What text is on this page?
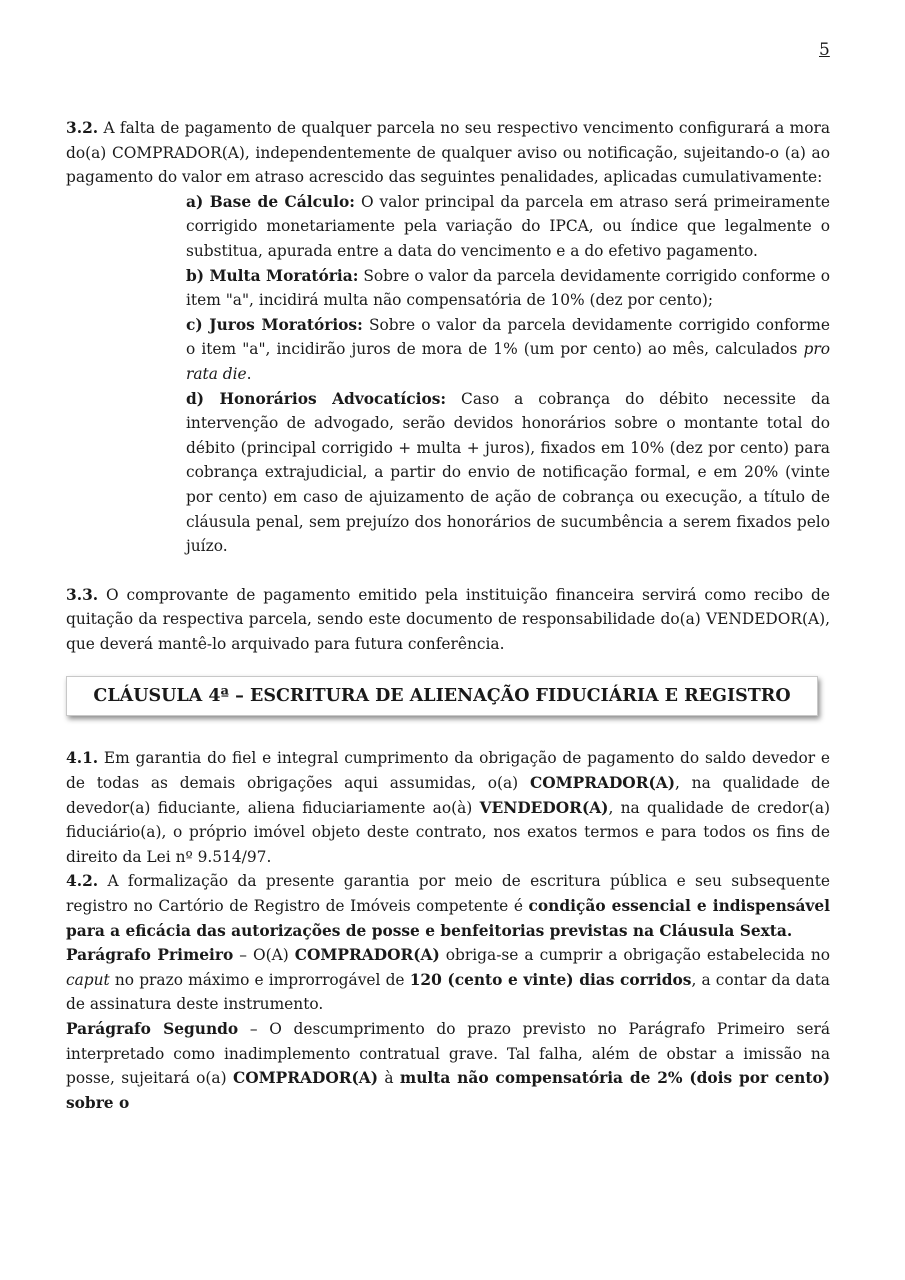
5

3.2. A falta de pagamento de qualquer parcela no seu respectivo vencimento configurará a mora do(a) COMPRADOR(A), independentemente de qualquer aviso ou notificação, sujeitando-o (a) ao pagamento do valor em atraso acrescido das seguintes penalidades, aplicadas cumulativamente:

a) Base de Cálculo: O valor principal da parcela em atraso será primeiramente corrigido monetariamente pela variação do IPCA, ou índice que legalmente o substitua, apurada entre a data do vencimento e a do efetivo pagamento.

b) Multa Moratória: Sobre o valor da parcela devidamente corrigido conforme o item "a", incidirá multa não compensatória de 10% (dez por cento);

c) Juros Moratórios: Sobre o valor da parcela devidamente corrigido conforme o item "a", incidirão juros de mora de 1% (um por cento) ao mês, calculados pro rata die.

d) Honorários Advocatícios: Caso a cobrança do débito necessite da intervenção de advogado, serão devidos honorários sobre o montante total do débito (principal corrigido + multa + juros), fixados em 10% (dez por cento) para cobrança extrajudicial, a partir do envio de notificação formal, e em 20% (vinte por cento) em caso de ajuizamento de ação de cobrança ou execução, a título de cláusula penal, sem prejuízo dos honorários de sucumbência a serem fixados pelo juízo.

3.3. O comprovante de pagamento emitido pela instituição financeira servirá como recibo de quitação da respectiva parcela, sendo este documento de responsabilidade do(a) VENDEDOR(A), que deverá mantê-lo arquivado para futura conferência.

CLÁUSULA 4ª – ESCRITURA DE ALIENAÇÃO FIDUCIÁRIA E REGISTRO

4.1. Em garantia do fiel e integral cumprimento da obrigação de pagamento do saldo devedor e de todas as demais obrigações aqui assumidas, o(a) COMPRADOR(A), na qualidade de devedor(a) fiduciante, aliena fiduciariamente ao(à) VENDEDOR(A), na qualidade de credor(a) fiduciário(a), o próprio imóvel objeto deste contrato, nos exatos termos e para todos os fins de direito da Lei nº 9.514/97.

4.2. A formalização da presente garantia por meio de escritura pública e seu subsequente registro no Cartório de Registro de Imóveis competente é condição essencial e indispensável para a eficácia das autorizações de posse e benfeitorias previstas na Cláusula Sexta.

Parágrafo Primeiro – O(A) COMPRADOR(A) obriga-se a cumprir a obrigação estabelecida no caput no prazo máximo e improrrogável de 120 (cento e vinte) dias corridos, a contar da data de assinatura deste instrumento.

Parágrafo Segundo – O descumprimento do prazo previsto no Parágrafo Primeiro será interpretado como inadimplemento contratual grave. Tal falha, além de obstar a imissão na posse, sujeitará o(a) COMPRADOR(A) à multa não compensatória de 2% (dois por cento) sobre o
